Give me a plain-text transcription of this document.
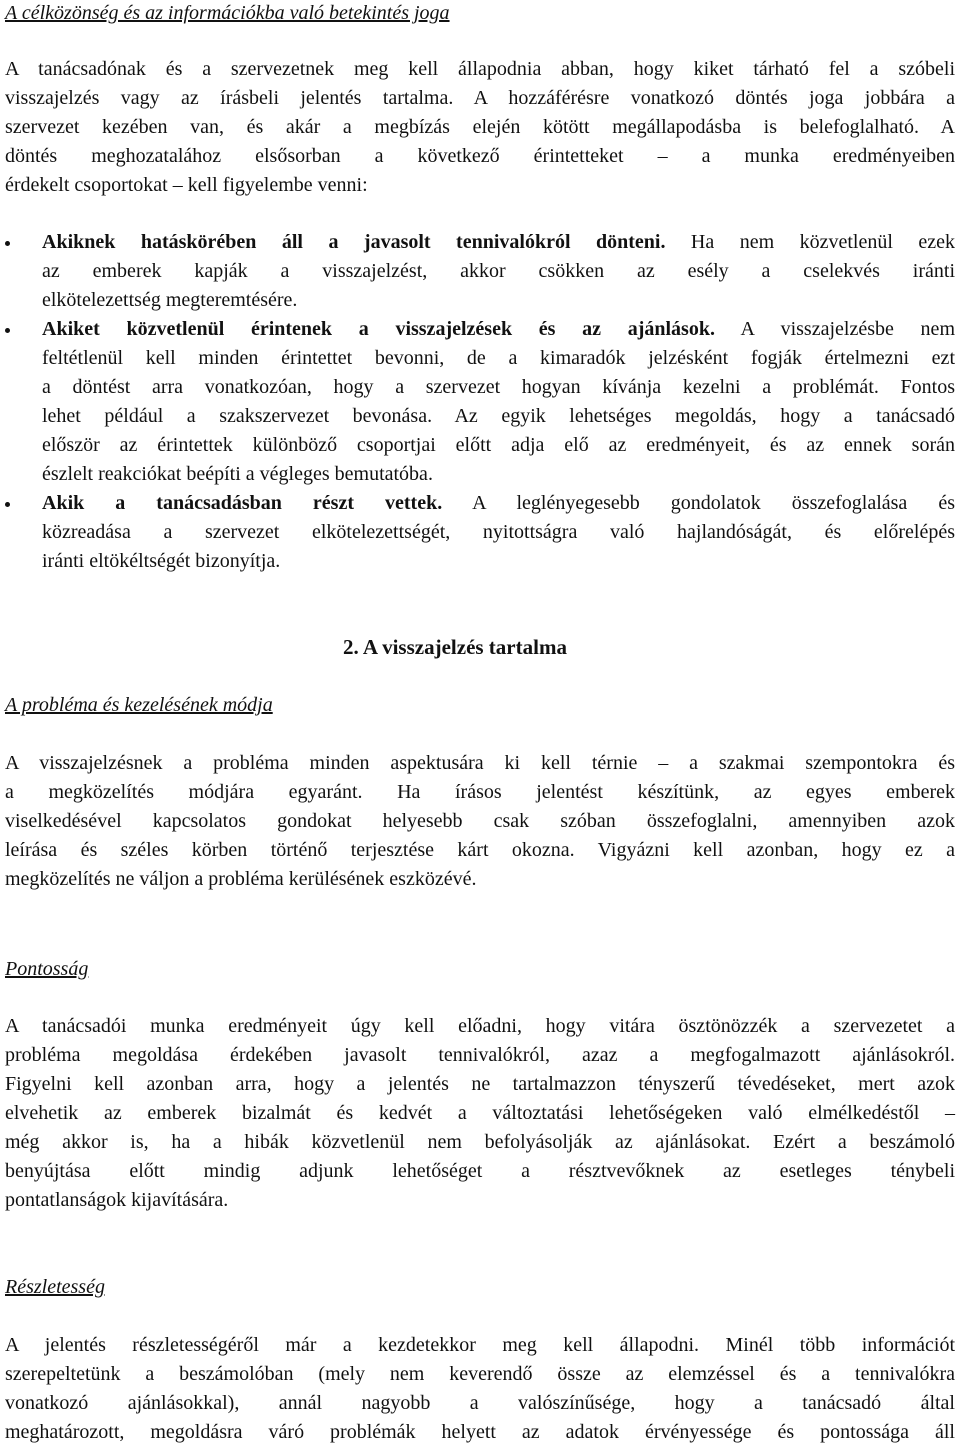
A célközönség és az információkba való betekintés joga
A tanácsadónak és a szervezetnek meg kell állapodnia abban, hogy kiket tárható fel a szóbeli
visszajelzés vagy az írásbeli jelentés tartalma. A hozzáférésre vonatkozó döntés joga jobbára a
szervezet kezében van, és akár a megbízás elején kötött megállapodásba is belefoglalható. A
döntés meghozatalához elsősorban a következő érintetteket – a munka eredményeiben
érdekelt csoportokat – kell figyelembe venni:
Akiknek hatáskörében áll a javasolt tennivalókról dönteni. Ha nem közvetlenül ezek
az emberek kapják a visszajelzést, akkor csökken az esély a cselekvés iránti
elkötelezettség megteremtésére.
Akiket közvetlenül érintenek a visszajelzések és az ajánlások. A visszajelzésbe nem
feltétlenül kell minden érintettet bevonni, de a kimaradók jelzésként fogják értelmezni ezt
a döntést arra vonatkozóan, hogy a szervezet hogyan kívánja kezelni a problémát. Fontos
lehet például a szakszervezet bevonása. Az egyik lehetséges megoldás, hogy a tanácsadó
először az érintettek különböző csoportjai előtt adja elő az eredményeit, és az ennek során
észlelt reakciókat beépíti a végleges bemutatóba.
Akik a tanácsadásban részt vettek. A leglényegesebb gondolatok összefoglalása és
közreadása a szervezet elkötelezettségét, nyitottságra való hajlandóságát, és előrelépés
iránti eltökéltségét bizonyítja.
2. A visszajelzés tartalma
A probléma és kezelésének módja
A visszajelzésnek a probléma minden aspektusára ki kell térnie – a szakmai szempontokra és
a megközelítés módjára egyaránt. Ha írásos jelentést készítünk, az egyes emberek
viselkedésével kapcsolatos gondokat helyesebb csak szóban összefoglalni, amennyiben azok
leírása és széles körben történő terjesztése kárt okozna. Vigyázni kell azonban, hogy ez a
megközelítés ne váljon a probléma kerülésének eszközévé.
Pontosság
A tanácsadói munka eredményeit úgy kell előadni, hogy vitára ösztönözzék a szervezetet a
probléma megoldása érdekében javasolt tennivalókról, azaz a megfogalmazott ajánlásokról.
Figyelni kell azonban arra, hogy a jelentés ne tartalmazzon tényszerű tévedéseket, mert azok
elvehetik az emberek bizalmát és kedvét a változtatási lehetőségeken való elmélkedéstől –
még akkor is, ha a hibák közvetlenül nem befolyásolják az ajánlásokat. Ezért a beszámoló
benyújtása előtt mindig adjunk lehetőséget a résztvevőknek az esetleges ténybeli
pontatlanságok kijavítására.
Részletesség
A jelentés részletességéről már a kezdetekkor meg kell állapodni. Minél több információt
szerepeltetünk a beszámolóban (mely nem keverendő össze az elemzéssel és a tennivalókra
vonatkozó ajánlásokkal), annál nagyobb a valószínűsége, hogy a tanácsadó által
meghatározott, megoldásra váró problémák helyett az adatok érvényessége és pontossága áll
